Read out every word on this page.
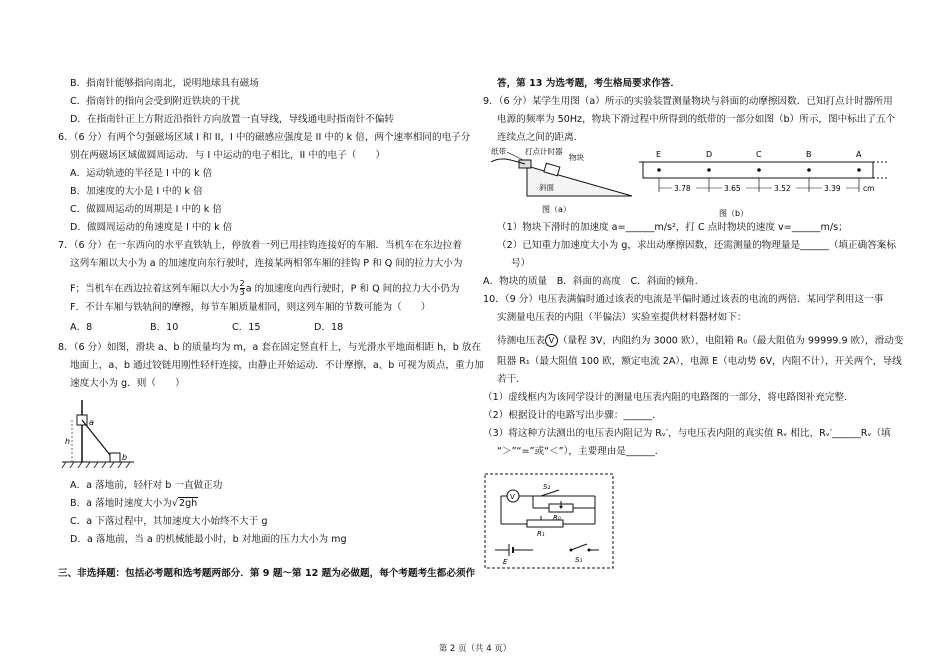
B．指南针能够指向南北，说明地球具有磁场
C．指南针的指向会受到附近铁块的干扰
D．在指南针正上方附近沿指针方向放置一直导线，导线通电时指南针不偏转
6．（6 分）有两个匀强磁场区域 I 和 II，I 中的磁感应强度是 II 中的 k 倍，两个速率相同的电子分
别在两磁场区域做圆周运动．与 I 中运动的电子相比，II 中的电子（　　）
A．运动轨迹的半径是 I 中的 k 倍
B．加速度的大小是 I 中的 k 倍
C．做圆周运动的周期是 I 中的 k 倍
D．做圆周运动的角速度是 I 中的 k 倍
7．（6 分）在一东西向的水平直铁轨上，停放着一列已用挂钩连接好的车厢．当机车在东边拉着
这列车厢以大小为 a 的加速度向东行驶时，连接某两相邻车厢的挂钩 P 和 Q 间的拉力大小为
F；当机车在西边拉着这列车厢以大小为 $\frac{2}{3}$ a 的加速度向西行驶时，P 和 Q 间的拉力大小仍为
F．不计车厢与铁轨间的摩擦，每节车厢质量相同，则这列车厢的节数可能为（　　）
A．8	B．10	C．15	D．18
8．（6 分）如图，滑块 a、b 的质量均为 m，a 套在固定竖直杆上，与光滑水平地面相距 h，b 放在
地面上，a、b 通过铰链用刚性轻杆连接，由静止开始运动．不计摩擦，a、b 可视为质点，重力加
速度大小为 g．则（　　）
h
a
b
A．a 落地前，轻杆对 b 一直做正功
B．a 落地时速度大小为√2gh
C．a 下落过程中，其加速度大小始终不大于 g
D．a 落地前，当 a 的机械能最小时，b 对地面的压力大小为 mg
三、非选择题：包括必考题和选考题两部分．第 9 题～第 12 题为必做题，每个考题考生都必须作
答，第 13 为选考题，考生格局要求作答．
9．（6 分）某学生用图（a）所示的实验装置测量物块与斜面的动摩擦因数．已知打点计时器所用
电源的频率为 50Hz，物块下滑过程中所得到的纸带的一部分如图（b）所示，图中标出了五个
连续点之间的距离．
纸带	打点计时器
物块
斜面
图（a）
E	D	C	B	A
3.78	3.65	3.52	3.39	cm
图（b）
（1）物块下滑时的加速度 a=______m/s²，打 C 点时物块的速度 v=______m/s；
（2）已知重力加速度大小为 g，求出动摩擦因数，还需测量的物理量是______（填正确答案标
号）
A．物块的质量　B．斜面的高度　C．斜面的倾角．
10．（9 分）电压表满偏时通过该表的电流是半偏时通过该表的电流的两倍．某同学利用这一事
实测量电压表的内阻（半偏法）实验室提供材料器材如下：
待测电压表 V （量程 3V，内阻约为 3000 欧），电阻箱 R₀（最大阻值为 99999.9 欧），滑动变
阻器 R₁（最大阻值 100 欧，额定电流 2A），电源 E（电动势 6V，内阻不计），开关两个，导线
若干．
（1）虚线框内为该同学设计的测量电压表内阻的电路图的一部分，将电路图补充完整．
（2）根据设计的电路写出步骤：______．
（3）将这种方法测出的电压表内阻记为 Rᵥ′，与电压表内阻的真实值 Rᵥ 相比，Rᵥ′______Rᵥ（填
“＞”“=”或“＜”），主要理由是______．
V
S₂
R₀
R₁
E	S₁
第 2 页（共 4 页）
